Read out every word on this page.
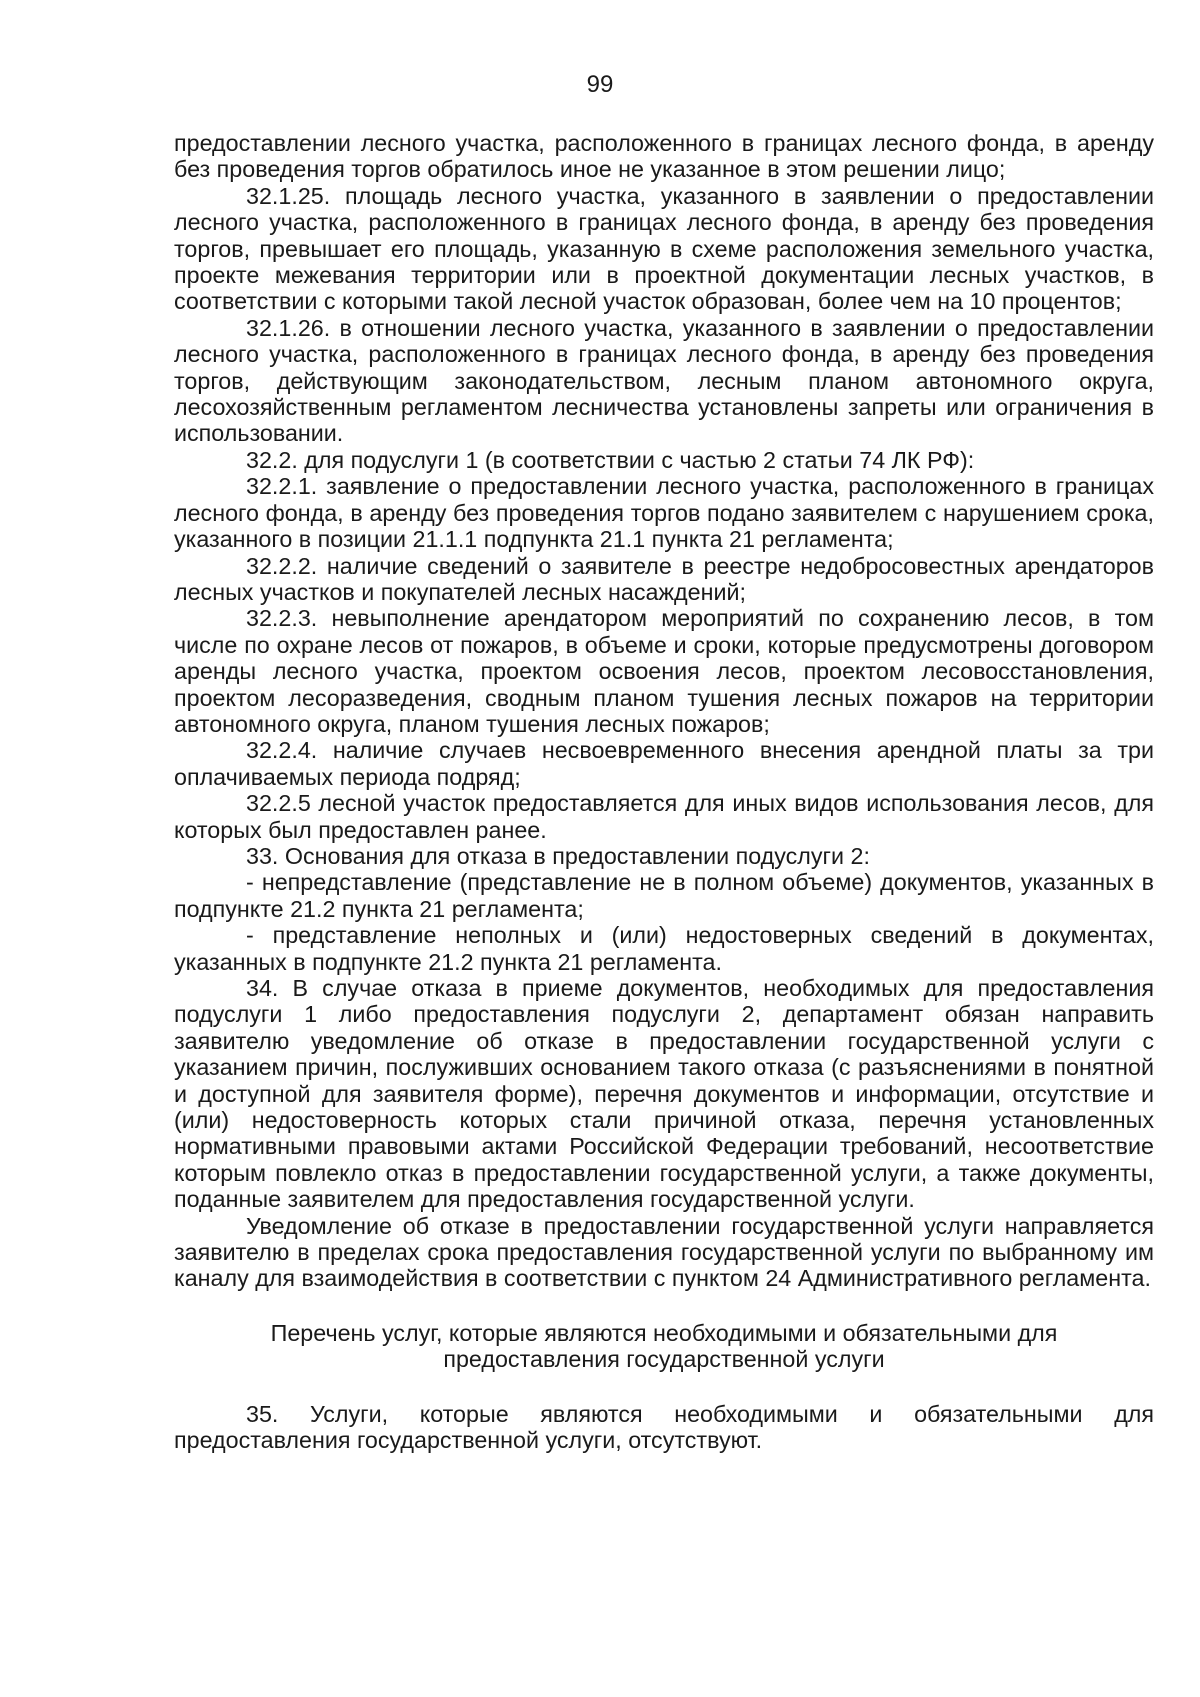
99

предоставлении лесного участка, расположенного в границах лесного фонда, в аренду без проведения торгов обратилось иное не указанное в этом решении лицо;

32.1.25. площадь лесного участка, указанного в заявлении о предоставлении лесного участка, расположенного в границах лесного фонда, в аренду без проведения торгов, превышает его площадь, указанную в схеме расположения земельного участка, проекте межевания территории или в проектной документации лесных участков, в соответствии с которыми такой лесной участок образован, более чем на 10 процентов;

32.1.26. в отношении лесного участка, указанного в заявлении о предоставлении лесного участка, расположенного в границах лесного фонда, в аренду без проведения торгов, действующим законодательством, лесным планом автономного округа, лесохозяйственным регламентом лесничества установлены запреты или ограничения в использовании.

32.2. для подуслуги 1 (в соответствии с частью 2 статьи 74 ЛК РФ):

32.2.1. заявление о предоставлении лесного участка, расположенного в границах лесного фонда, в аренду без проведения торгов подано заявителем с нарушением срока, указанного в позиции 21.1.1 подпункта 21.1 пункта 21 регламента;

32.2.2. наличие сведений о заявителе в реестре недобросовестных арендаторов лесных участков и покупателей лесных насаждений;

32.2.3. невыполнение арендатором мероприятий по сохранению лесов, в том числе по охране лесов от пожаров, в объеме и сроки, которые предусмотрены договором аренды лесного участка, проектом освоения лесов, проектом лесовосстановления, проектом лесоразведения, сводным планом тушения лесных пожаров на территории автономного округа, планом тушения лесных пожаров;

32.2.4. наличие случаев несвоевременного внесения арендной платы за три оплачиваемых периода подряд;

32.2.5 лесной участок предоставляется для иных видов использования лесов, для которых был предоставлен ранее.

33. Основания для отказа в предоставлении подуслуги 2:

- непредставление (представление не в полном объеме) документов, указанных в подпункте 21.2 пункта 21 регламента;

- представление неполных и (или) недостоверных сведений в документах, указанных в подпункте 21.2 пункта 21 регламента.

34. В случае отказа в приеме документов, необходимых для предоставления подуслуги 1 либо предоставления подуслуги 2, департамент обязан направить заявителю уведомление об отказе в предоставлении государственной услуги с указанием причин, послуживших основанием такого отказа (с разъяснениями в понятной и доступной для заявителя форме), перечня документов и информации, отсутствие и (или) недостоверность которых стали причиной отказа, перечня установленных нормативными правовыми актами Российской Федерации требований, несоответствие которым повлекло отказ в предоставлении государственной услуги, а также документы, поданные заявителем для предоставления государственной услуги.

Уведомление об отказе в предоставлении государственной услуги направляется заявителю в пределах срока предоставления государственной услуги по выбранному им каналу для взаимодействия в соответствии с пунктом 24 Административного регламента.

Перечень услуг, которые являются необходимыми и обязательными для предоставления государственной услуги

35. Услуги, которые являются необходимыми и обязательными для предоставления государственной услуги, отсутствуют.
